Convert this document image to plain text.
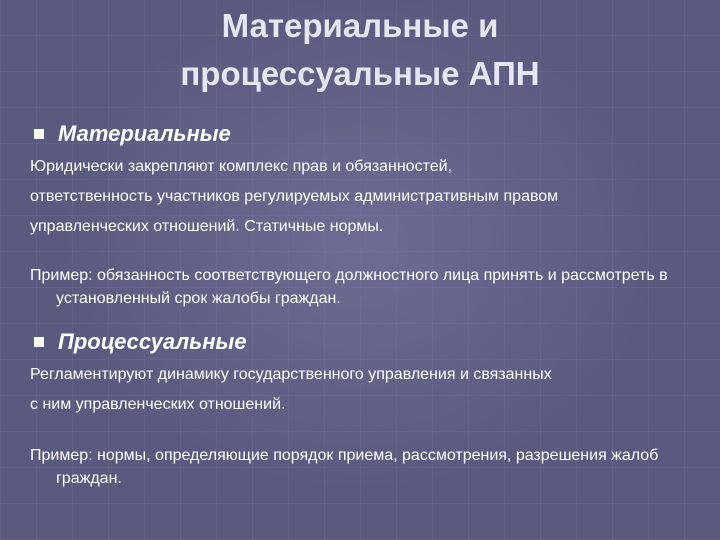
Материальные и
процессуальные АПН
Материальные

Юридически закрепляют комплекс прав и обязанностей,

ответственность участников регулируемых административным правом

управленческих отношений. Статичные нормы.

Пример: обязанность соответствующего должностного лица принять и рассмотреть в установленный срок жалобы граждан.

Процессуальные

Регламентируют динамику государственного управления и связанных

с ним управленческих отношений.

Пример: нормы, определяющие порядок приема, рассмотрения, разрешения жалоб граждан.
